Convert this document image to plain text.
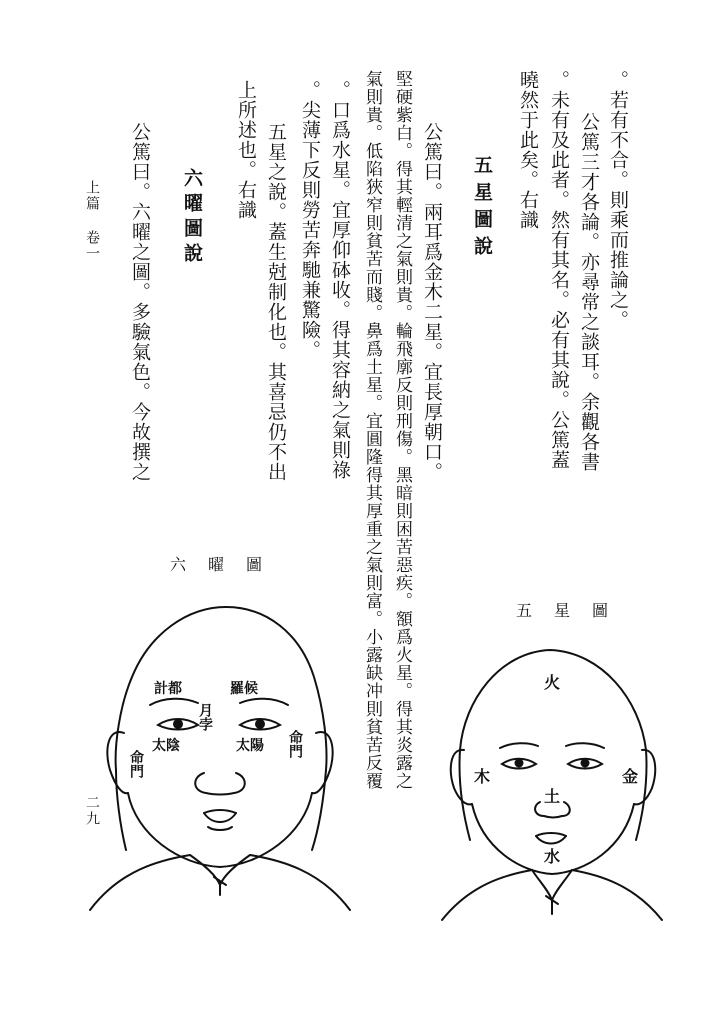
。若有不合。則乘而推論之。
公篤三才各論。亦尋常之談耳。余觀各書
。未有及此者。然有其名。必有其說。公篤蓋
曉然于此矣。右識
五星圖說
公篤曰。兩耳爲金木二星。宜長厚朝口。
堅硬紫白。得其輕清之氣則貴。輪飛廓反則刑傷。黑暗則困苦惡疾。額爲火星。得其炎露之
氣則貴。低陷狹窄則貧苦而賤。鼻爲土星。宜圓隆得其厚重之氣則富。小露缺冲則貧苦反覆
。口爲水星。宜厚仰砵收。得其容納之氣則祿
。尖薄下反則勞苦奔馳兼驚險。
五星之說。蓋生尅制化也。其喜忌仍不出
上所述也。右識
六曜圖說
公篤曰。六曜之圖。多驗氣色。今故撰之
上篇 卷一
二九
六曜圖
五星圖
計都	羅候
月孛
太陰	太陽
命門
命門
火
木	金
土
水
